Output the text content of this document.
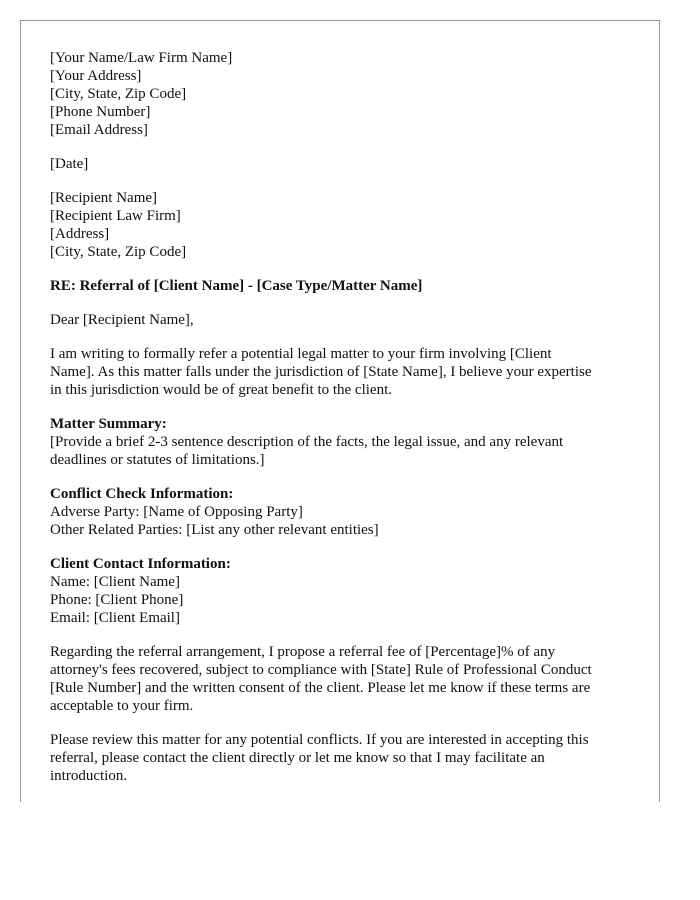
[Your Name/Law Firm Name]
[Your Address]
[City, State, Zip Code]
[Phone Number]
[Email Address]
[Date]
[Recipient Name]
[Recipient Law Firm]
[Address]
[City, State, Zip Code]
RE: Referral of [Client Name] - [Case Type/Matter Name]
Dear [Recipient Name],
I am writing to formally refer a potential legal matter to your firm involving [Client
Name]. As this matter falls under the jurisdiction of [State Name], I believe your expertise
in this jurisdiction would be of great benefit to the client.
Matter Summary:
[Provide a brief 2-3 sentence description of the facts, the legal issue, and any relevant
deadlines or statutes of limitations.]
Conflict Check Information:
Adverse Party: [Name of Opposing Party]
Other Related Parties: [List any other relevant entities]
Client Contact Information:
Name: [Client Name]
Phone: [Client Phone]
Email: [Client Email]
Regarding the referral arrangement, I propose a referral fee of [Percentage]% of any
attorney's fees recovered, subject to compliance with [State] Rule of Professional Conduct
[Rule Number] and the written consent of the client. Please let me know if these terms are
acceptable to your firm.
Please review this matter for any potential conflicts. If you are interested in accepting this
referral, please contact the client directly or let me know so that I may facilitate an
introduction.
